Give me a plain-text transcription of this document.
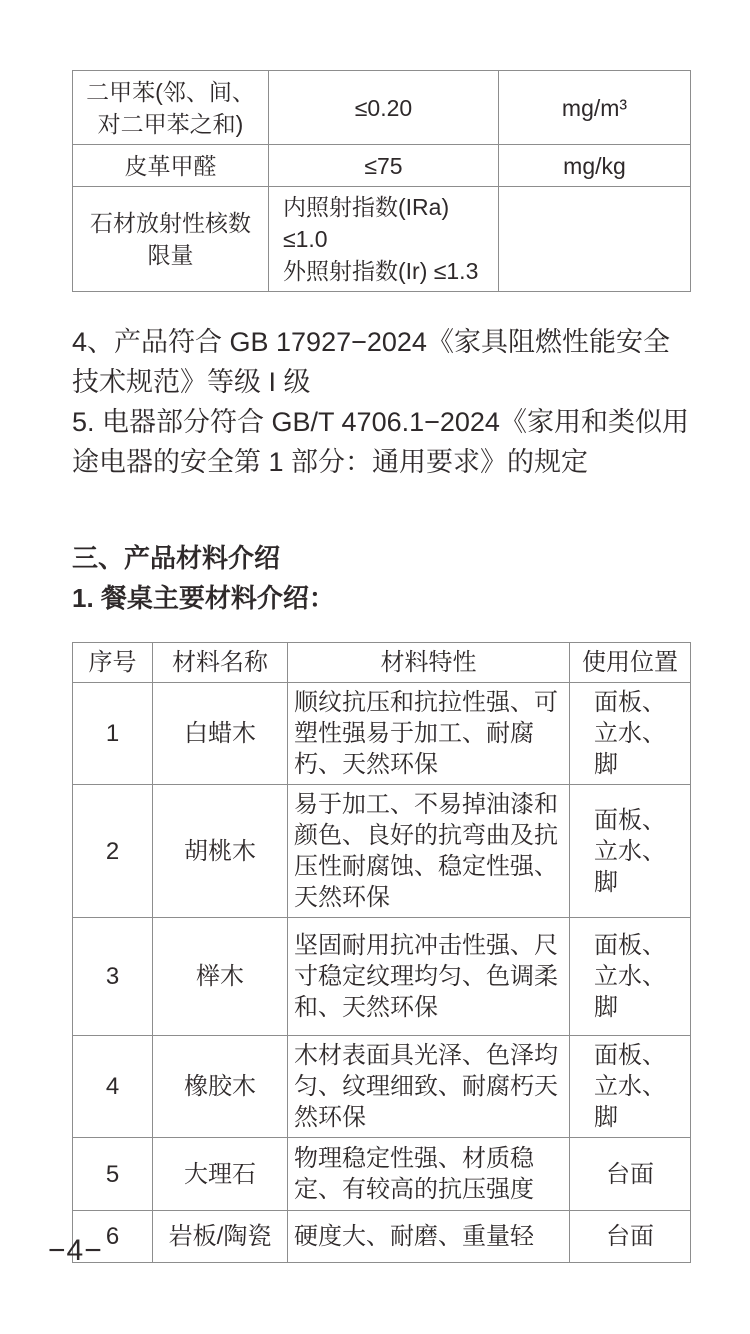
二甲苯(邻、间、
对二甲苯之和)	≤0.20	mg/m³
皮革甲醛	≤75	mg/kg
石材放射性核数限量	内照射指数(IRa) ≤1.0
外照射指数(Ir) ≤1.3	

4、产品符合 GB 17927−2024《家具阻燃性能安全技术规范》等级 I 级

5. 电器部分符合 GB/T 4706.1−2024《家用和类似用途电器的安全第 1 部分：通用要求》的规定

三、产品材料介绍
1. 餐桌主要材料介绍：
序号	材料名称	材料特性	使用位置
1	白蜡木	顺纹抗压和抗拉性强、可塑性强易于加工、耐腐朽、天然环保	面板、
立水、
脚

2	胡桃木	易于加工、不易掉油漆和颜色、良好的抗弯曲及抗压性耐腐蚀、稳定性强、天然环保	面板、
立水、
脚

3	榉木	坚固耐用抗冲击性强、尺寸稳定纹理均匀、色调柔和、天然环保	面板、
立水、
脚

4	橡胶木	木材表面具光泽、色泽均匀、纹理细致、耐腐朽天然环保	面板、
立水、
脚

5	大理石	物理稳定性强、材质稳定、有较高的抗压强度	台面
6	岩板/陶瓷	硬度大、耐磨、重量轻	台面
−4−
